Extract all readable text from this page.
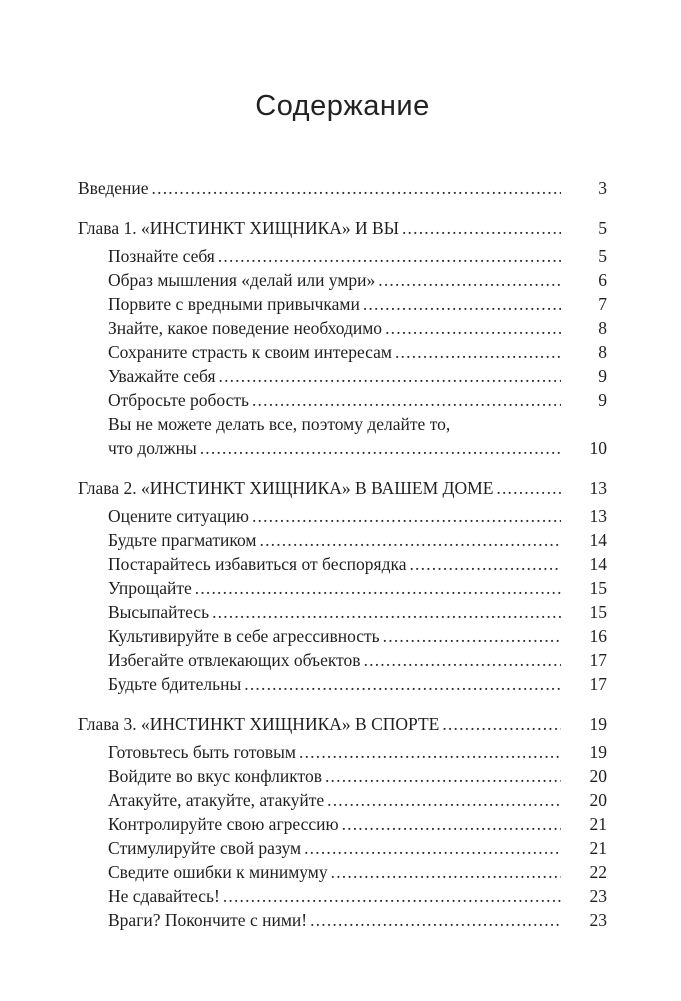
Содержание
Введение .....	3
Глава 1. «ИНСТИНКТ ХИЩНИКА» И ВЫ .....	5
Познайте себя .....	5
Образ мышления «делай или умри» .....	6
Порвите с вредными привычками .....	7
Знайте, какое поведение необходимо .....	8
Сохраните страсть к своим интересам .....	8
Уважайте себя .....	9
Отбросьте робость .....	9
Вы не можете делать все, поэтому делайте то,
что должны .....	10
Глава 2. «ИНСТИНКТ ХИЩНИКА» В ВАШЕМ ДОМЕ .....	13
Оцените ситуацию .....	13
Будьте прагматиком .....	14
Постарайтесь избавиться от беспорядка .....	14
Упрощайте .....	15
Высыпайтесь .....	15
Культивируйте в себе агрессивность .....	16
Избегайте отвлекающих объектов .....	17
Будьте бдительны .....	17
Глава 3. «ИНСТИНКТ ХИЩНИКА» В СПОРТЕ .....	19
Готовьтесь быть готовым .....	19
Войдите во вкус конфликтов .....	20
Атакуйте, атакуйте, атакуйте .....	20
Контролируйте свою агрессию .....	21
Стимулируйте свой разум .....	21
Сведите ошибки к минимуму .....	22
Не сдавайтесь! .....	23
Враги? Покончите с ними! .....	23
